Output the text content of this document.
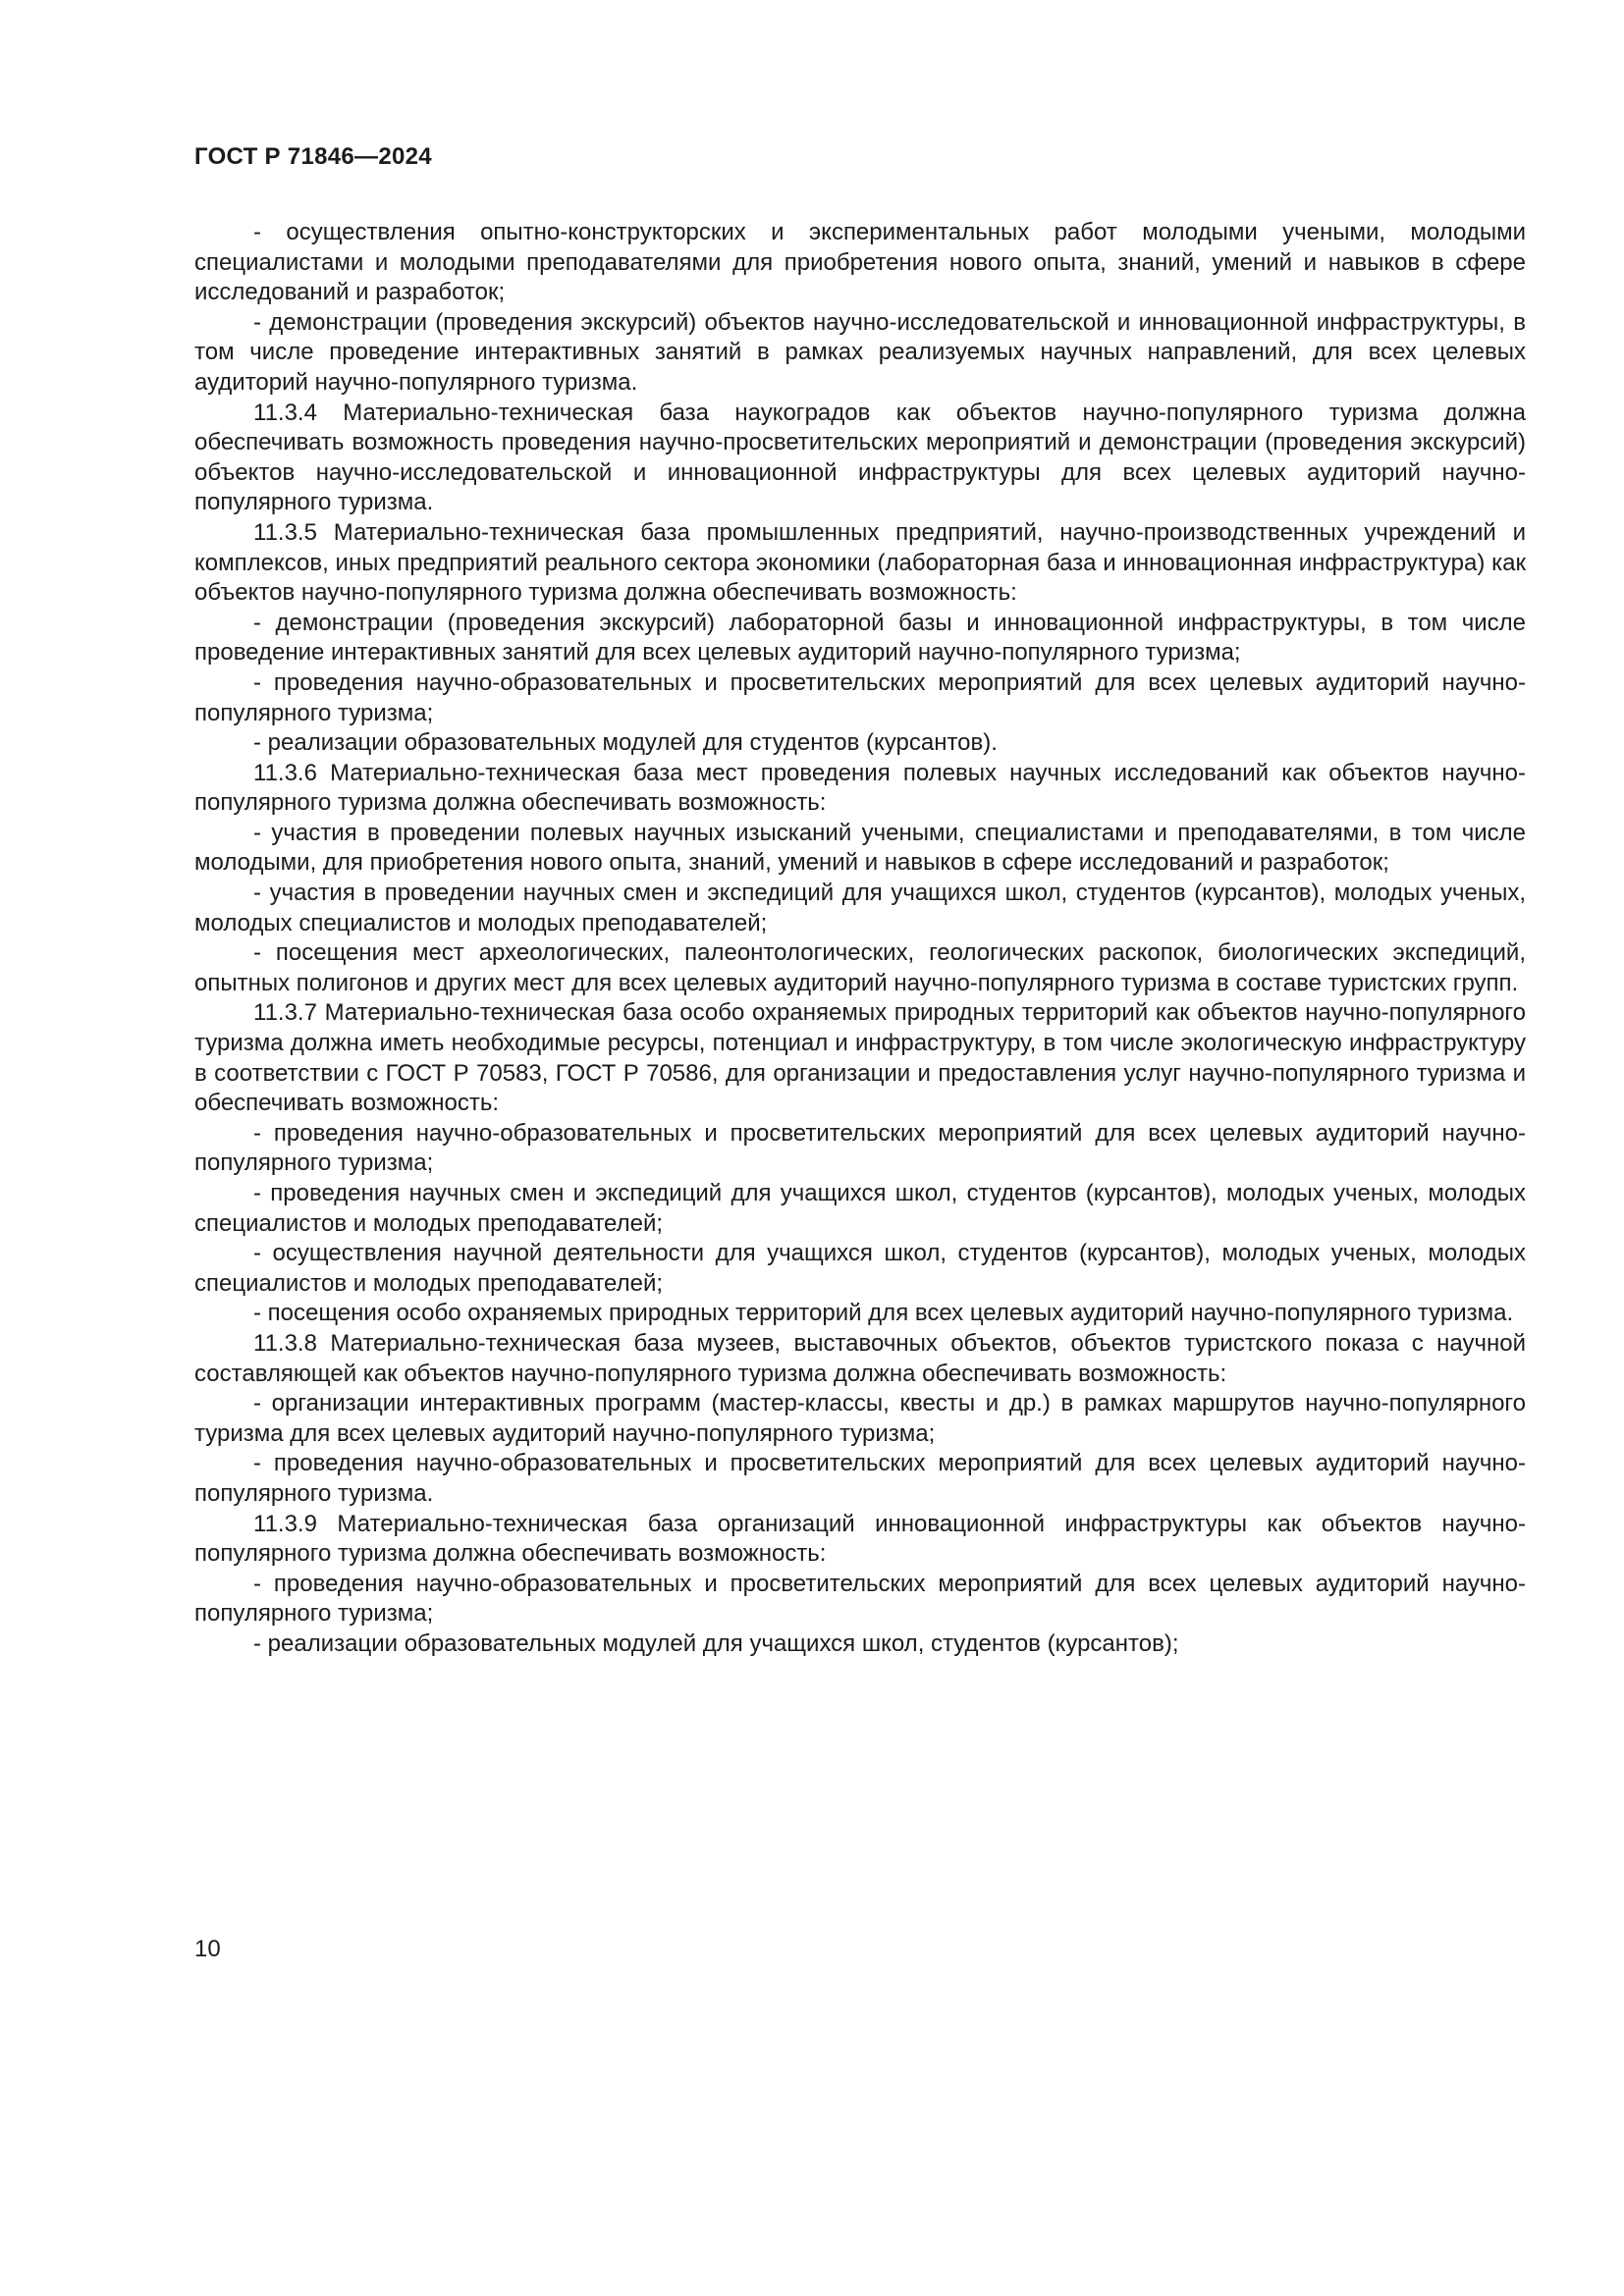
ГОСТ Р 71846—2024

- осуществления опытно-конструкторских и экспериментальных работ молодыми учеными, молодыми специалистами и молодыми преподавателями для приобретения нового опыта, знаний, умений и навыков в сфере исследований и разработок;

- демонстрации (проведения экскурсий) объектов научно-исследовательской и инновационной инфраструктуры, в том числе проведение интерактивных занятий в рамках реализуемых научных направлений, для всех целевых аудиторий научно-популярного туризма.

11.3.4 Материально-техническая база наукоградов как объектов научно-популярного туризма должна обеспечивать возможность проведения научно-просветительских мероприятий и демонстрации (проведения экскурсий) объектов научно-исследовательской и инновационной инфраструктуры для всех целевых аудиторий научно-популярного туризма.

11.3.5 Материально-техническая база промышленных предприятий, научно-производственных учреждений и комплексов, иных предприятий реального сектора экономики (лабораторная база и инновационная инфраструктура) как объектов научно-популярного туризма должна обеспечивать возможность:

- демонстрации (проведения экскурсий) лабораторной базы и инновационной инфраструктуры, в том числе проведение интерактивных занятий для всех целевых аудиторий научно-популярного туризма;

- проведения научно-образовательных и просветительских мероприятий для всех целевых аудиторий научно-популярного туризма;

- реализации образовательных модулей для студентов (курсантов).

11.3.6 Материально-техническая база мест проведения полевых научных исследований как объектов научно-популярного туризма должна обеспечивать возможность:

- участия в проведении полевых научных изысканий учеными, специалистами и преподавателями, в том числе молодыми, для приобретения нового опыта, знаний, умений и навыков в сфере исследований и разработок;

- участия в проведении научных смен и экспедиций для учащихся школ, студентов (курсантов), молодых ученых, молодых специалистов и молодых преподавателей;

- посещения мест археологических, палеонтологических, геологических раскопок, биологических экспедиций, опытных полигонов и других мест для всех целевых аудиторий научно-популярного туризма в составе туристских групп.

11.3.7 Материально-техническая база особо охраняемых природных территорий как объектов научно-популярного туризма должна иметь необходимые ресурсы, потенциал и инфраструктуру, в том числе экологическую инфраструктуру в соответствии с ГОСТ Р 70583, ГОСТ Р 70586, для организации и предоставления услуг научно-популярного туризма и обеспечивать возможность:

- проведения научно-образовательных и просветительских мероприятий для всех целевых аудиторий научно-популярного туризма;

- проведения научных смен и экспедиций для учащихся школ, студентов (курсантов), молодых ученых, молодых специалистов и молодых преподавателей;

- осуществления научной деятельности для учащихся школ, студентов (курсантов), молодых ученых, молодых специалистов и молодых преподавателей;

- посещения особо охраняемых природных территорий для всех целевых аудиторий научно-популярного туризма.

11.3.8 Материально-техническая база музеев, выставочных объектов, объектов туристского показа с научной составляющей как объектов научно-популярного туризма должна обеспечивать возможность:

- организации интерактивных программ (мастер-классы, квесты и др.) в рамках маршрутов научно-популярного туризма для всех целевых аудиторий научно-популярного туризма;

- проведения научно-образовательных и просветительских мероприятий для всех целевых аудиторий научно-популярного туризма.

11.3.9 Материально-техническая база организаций инновационной инфраструктуры как объектов научно-популярного туризма должна обеспечивать возможность:

- проведения научно-образовательных и просветительских мероприятий для всех целевых аудиторий научно-популярного туризма;

- реализации образовательных модулей для учащихся школ, студентов (курсантов);

10
